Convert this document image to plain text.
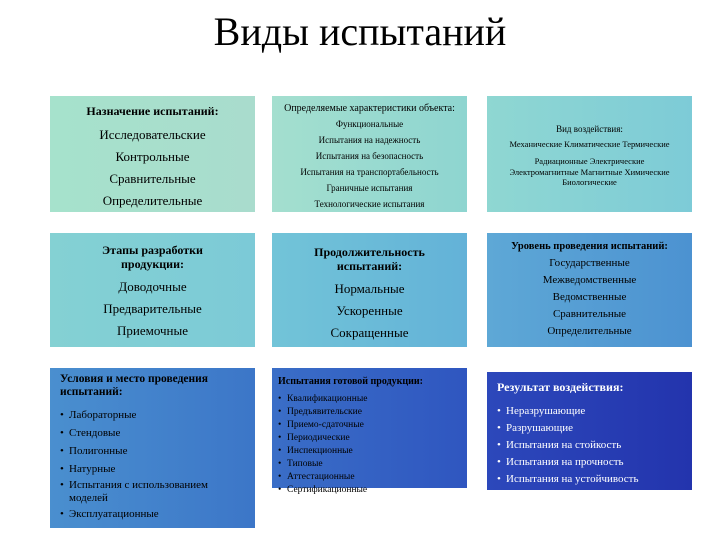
Виды испытаний
Назначение испытаний:
Исследовательские
Контрольные
Сравнительные
Определительные
Определяемые характеристики объекта:
Функциональные
Испытания на надежность
Испытания на безопасность
Испытания на транспортабельность
Граничные испытания
Технологические испытания
Вид воздействия:
Механические Климатические Термические
Радиационные Электрические
Электромагнитные Магнитные Химические
Биологические
Этапы разработки продукции:
Доводочные
Предварительные
Приемочные
Продолжительность испытаний:
Нормальные
Ускоренные
Сокращенные
Уровень проведения испытаний:
Государственные
Межведомственные
Ведомственные
Сравнительные
Определительные
Условия и место проведения испытаний:
• Лабораторные
• Стендовые
• Полигонные
• Натурные
• Испытания с использованием моделей
• Эксплуатационные
Испытания готовой продукции:
• Квалификационные
• Предъявительские
• Приемо-сдаточные
• Периодические
• Инспекционные
• Типовые
• Аттестационные
• Сертификационные
Результат воздействия:
• Неразрушающие
• Разрушающие
• Испытания на стойкость
• Испытания на прочность
• Испытания на устойчивость
